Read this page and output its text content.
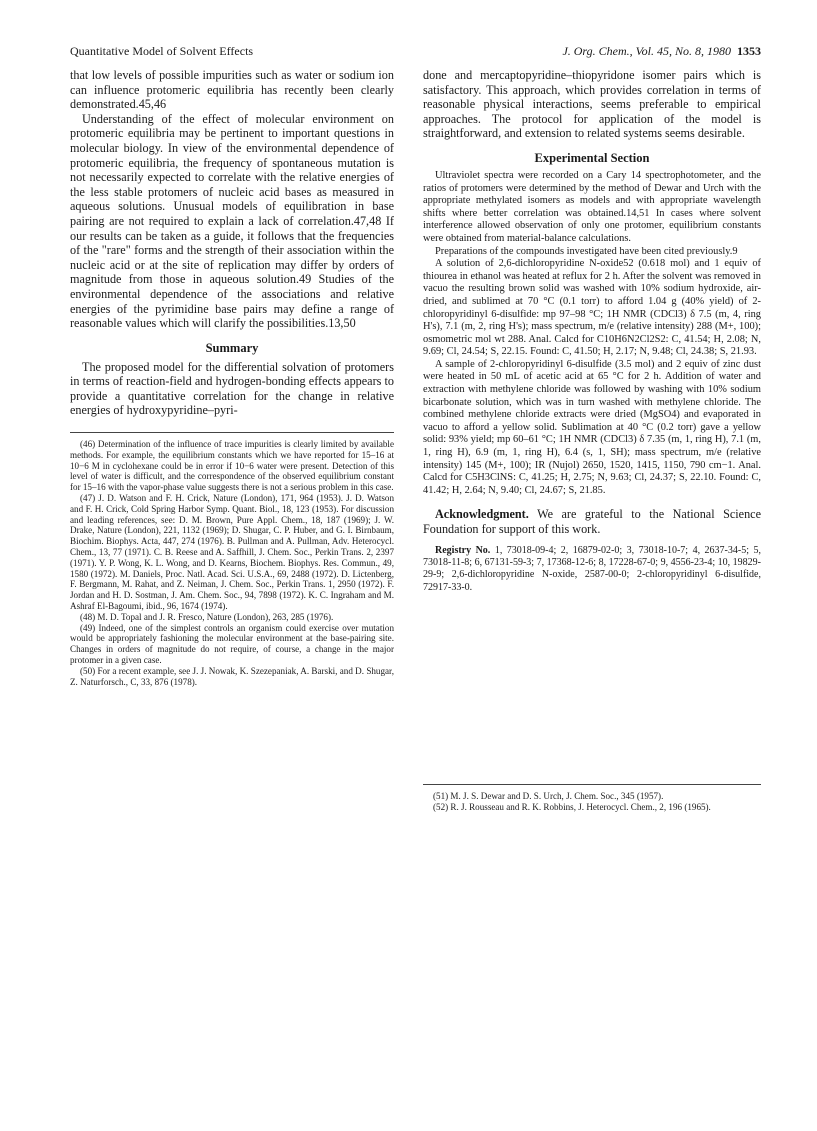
Quantitative Model of Solvent Effects	J. Org. Chem., Vol. 45, No. 8, 1980 1353

that low levels of possible impurities such as water or sodium ion can influence protomeric equilibria has recently been clearly demonstrated.45,46

Understanding of the effect of molecular environment on protomeric equilibria may be pertinent to important questions in molecular biology. In view of the environmental dependence of protomeric equilibria, the frequency of spontaneous mutation is not necessarily expected to correlate with the relative energies of the less stable protomers of nucleic acid bases as measured in aqueous solutions. Unusual models of equilibration in base pairing are not required to explain a lack of correlation.47,48 If our results can be taken as a guide, it follows that the frequencies of the "rare" forms and the strength of their association within the nucleic acid or at the site of replication may differ by orders of magnitude from those in aqueous solution.49 Studies of the environmental dependence of the associations and relative energies of the pyrimidine base pairs may define a range of reasonable values which will clarify the possibilities.13,50

Summary

The proposed model for the differential solvation of protomers in terms of reaction-field and hydrogen-bonding effects appears to provide a quantitative correlation for the change in relative energies of hydroxypyridine–pyri-

(46) Determination of the influence of trace impurities is clearly limited by available methods. For example, the equilibrium constants which we have reported for 15–16 at 10−6 M in cyclohexane could be in error if 10−6 water were present. Detection of this level of water is difficult, and the correspondence of the observed equilibrium constant for 15–16 with the vapor-phase value suggests there is not a serious problem in this case.

(47) J. D. Watson and F. H. Crick, Nature (London), 171, 964 (1953). J. D. Watson and F. H. Crick, Cold Spring Harbor Symp. Quant. Biol., 18, 123 (1953). For discussion and leading references, see: D. M. Brown, Pure Appl. Chem., 18, 187 (1969); J. W. Drake, Nature (London), 221, 1132 (1969); D. Shugar, C. P. Huber, and G. I. Birnbaum, Biochim. Biophys. Acta, 447, 274 (1976). B. Pullman and A. Pullman, Adv. Heterocycl. Chem., 13, 77 (1971). C. B. Reese and A. Saffhill, J. Chem. Soc., Perkin Trans. 2, 2397 (1971). Y. P. Wong, K. L. Wong, and D. Kearns, Biochem. Biophys. Res. Commun., 49, 1580 (1972). M. Daniels, Proc. Natl. Acad. Sci. U.S.A., 69, 2488 (1972). D. Lictenberg, F. Bergmann, M. Rahat, and Z. Neiman, J. Chem. Soc., Perkin Trans. 1, 2950 (1972). F. Jordan and H. D. Sostman, J. Am. Chem. Soc., 94, 7898 (1972). K. C. Ingraham and M. Ashraf El-Bagoumi, ibid., 96, 1674 (1974).

(48) M. D. Topal and J. R. Fresco, Nature (London), 263, 285 (1976).

(49) Indeed, one of the simplest controls an organism could exercise over mutation would be appropriately fashioning the molecular environment at the base-pairing site. Changes in orders of magnitude do not require, of course, a change in the major protomer in a given case.

(50) For a recent example, see J. J. Nowak, K. Szezepaniak, A. Barski, and D. Shugar, Z. Naturforsch., C, 33, 876 (1978).

done and mercaptopyridine–thiopyridone isomer pairs which is satisfactory. This approach, which provides correlation in terms of reasonable physical interactions, seems preferable to empirical approaches. The protocol for application of the model is straightforward, and extension to related systems seems desirable.

Experimental Section

Ultraviolet spectra were recorded on a Cary 14 spectrophotometer, and the ratios of protomers were determined by the method of Dewar and Urch with the appropriate methylated isomers as models and with appropriate wavelength shifts where better correlation was obtained.14,51 In cases where solvent interference allowed observation of only one protomer, equilibrium constants were obtained from material-balance calculations.

Preparations of the compounds investigated have been cited previously.9

A solution of 2,6-dichloropyridine N-oxide52 (0.618 mol) and 1 equiv of thiourea in ethanol was heated at reflux for 2 h. After the solvent was removed in vacuo the resulting brown solid was washed with 10% sodium hydroxide, air-dried, and sublimed at 70 °C (0.1 torr) to afford 1.04 g (40% yield) of 2-chloropyridinyl 6-disulfide: mp 97–98 °C; 1H NMR (CDCl3) δ 7.5 (m, 4, ring H's), 7.1 (m, 2, ring H's); mass spectrum, m/e (relative intensity) 288 (M+, 100); osmometric mol wt 288. Anal. Calcd for C10H6N2Cl2S2: C, 41.54; H, 2.08; N, 9.69; Cl, 24.54; S, 22.15. Found: C, 41.50; H, 2.17; N, 9.48; Cl, 24.38; S, 21.93.

A sample of 2-chloropyridinyl 6-disulfide (3.5 mol) and 2 equiv of zinc dust were heated in 50 mL of acetic acid at 65 °C for 2 h. Addition of water and extraction with methylene chloride was followed by washing with 10% sodium bicarbonate solution, which was in turn washed with methylene chloride. The combined methylene chloride extracts were dried (MgSO4) and evaporated in vacuo to afford a yellow solid. Sublimation at 40 °C (0.2 torr) gave a yellow solid: 93% yield; mp 60–61 °C; 1H NMR (CDCl3) δ 7.35 (m, 1, ring H), 7.1 (m, 1, ring H), 6.9 (m, 1, ring H), 6.4 (s, 1, SH); mass spectrum, m/e (relative intensity) 145 (M+, 100); IR (Nujol) 2650, 1520, 1415, 1150, 790 cm−1. Anal. Calcd for C5H3ClNS: C, 41.25; H, 2.75; N, 9.63; Cl, 24.37; S, 22.10. Found: C, 41.42; H, 2.64; N, 9.40; Cl, 24.67; S, 21.85.

Acknowledgment. We are grateful to the National Science Foundation for support of this work.
Registry No. 1, 73018-09-4; 2, 16879-02-0; 3, 73018-10-7; 4, 2637-34-5; 5, 73018-11-8; 6, 67131-59-3; 7, 17368-12-6; 8, 17228-67-0; 9, 4556-23-4; 10, 19829-29-9; 2,6-dichloropyridine N-oxide, 2587-00-0; 2-chloropyridinyl 6-disulfide, 72917-33-0.

(51) M. J. S. Dewar and D. S. Urch, J. Chem. Soc., 345 (1957).

(52) R. J. Rousseau and R. K. Robbins, J. Heterocycl. Chem., 2, 196 (1965).
